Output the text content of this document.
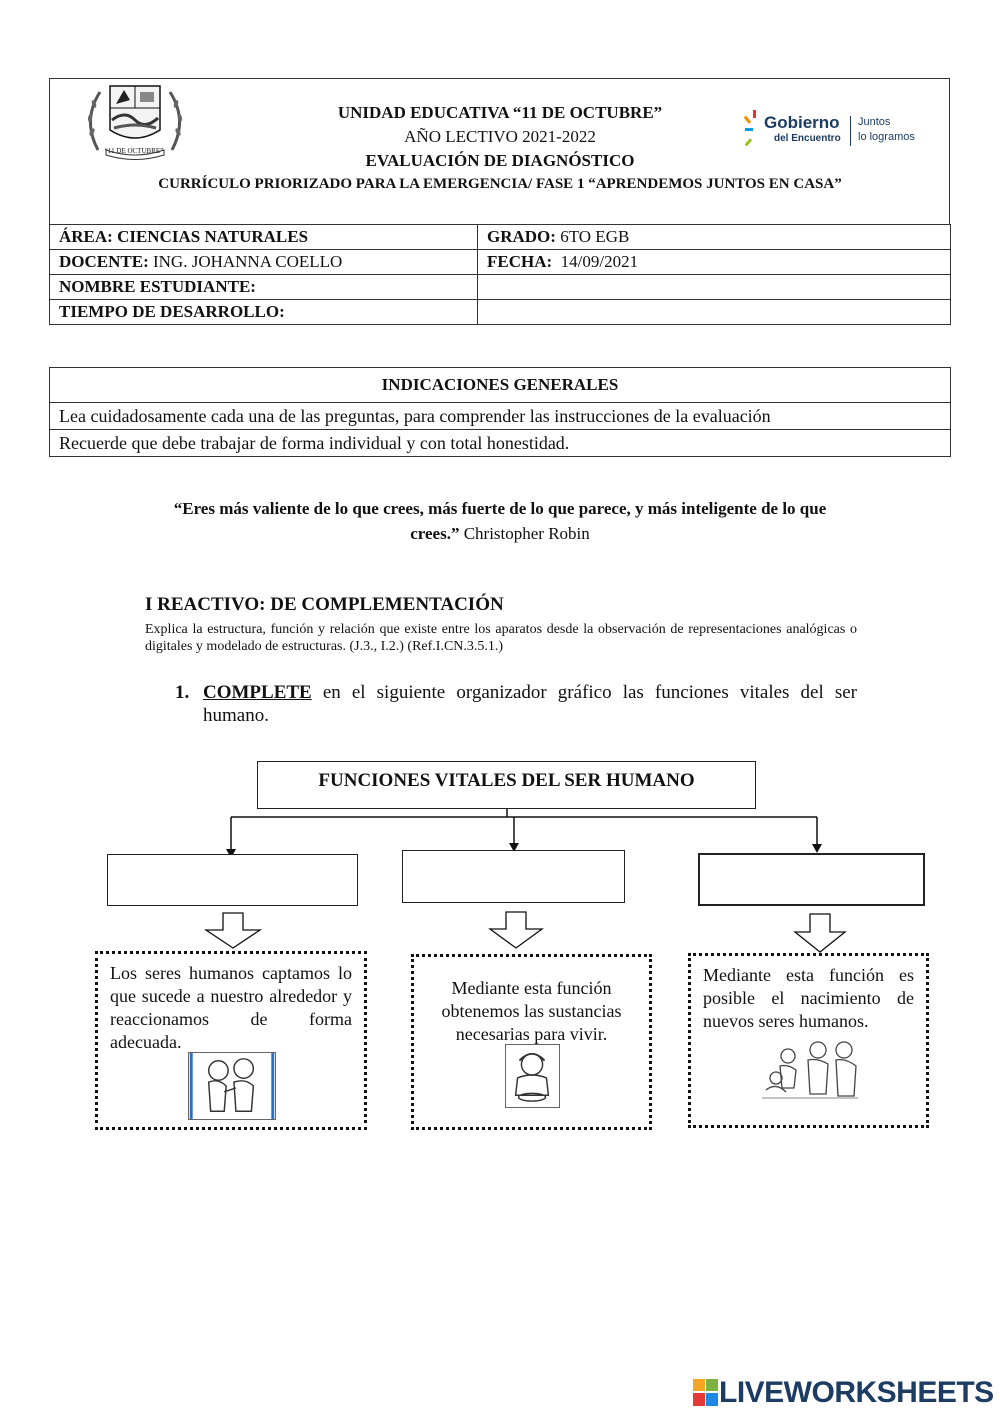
“11 DE OCTUBRE”
UNIDAD EDUCATIVA “11 DE OCTUBRE”
AÑO LECTIVO 2021-2022
EVALUACIÓN DE DIAGNÓSTICO
CURRÍCULO PRIORIZADO PARA LA EMERGENCIA/ FASE 1 “APRENDEMOS JUNTOS EN CASA”
Gobierno
del Encuentro
Juntos
lo logramos
ÁREA: CIENCIAS NATURALES	GRADO: 6TO EGB
DOCENTE: ING. JOHANNA COELLO	FECHA: 14/09/2021
NOMBRE ESTUDIANTE:	
TIEMPO DE DESARROLLO:	
INDICACIONES GENERALES
Lea cuidadosamente cada una de las preguntas, para comprender las instrucciones de la evaluación
Recuerde que debe trabajar de forma individual y con total honestidad.
“Eres más valiente de lo que crees, más fuerte de lo que parece, y más inteligente de lo que
crees.” Christopher Robin
I REACTIVO: DE COMPLEMENTACIÓN
Explica la estructura, función y relación que existe entre los aparatos desde la observación de representaciones analógicas o digitales y modelado de estructuras. (J.3., I.2.) (Ref.I.CN.3.5.1.)
1. COMPLETE en el siguiente organizador gráfico las funciones vitales del ser humano.
FUNCIONES VITALES DEL SER HUMANO
Los seres humanos captamos lo que sucede a nuestro alrededor y reaccionamos de forma adecuada.
Mediante esta función obtenemos las sustancias necesarias para vivir.
Mediante esta función es posible el nacimiento de nuevos seres humanos.
LIVEWORKSHEETS
